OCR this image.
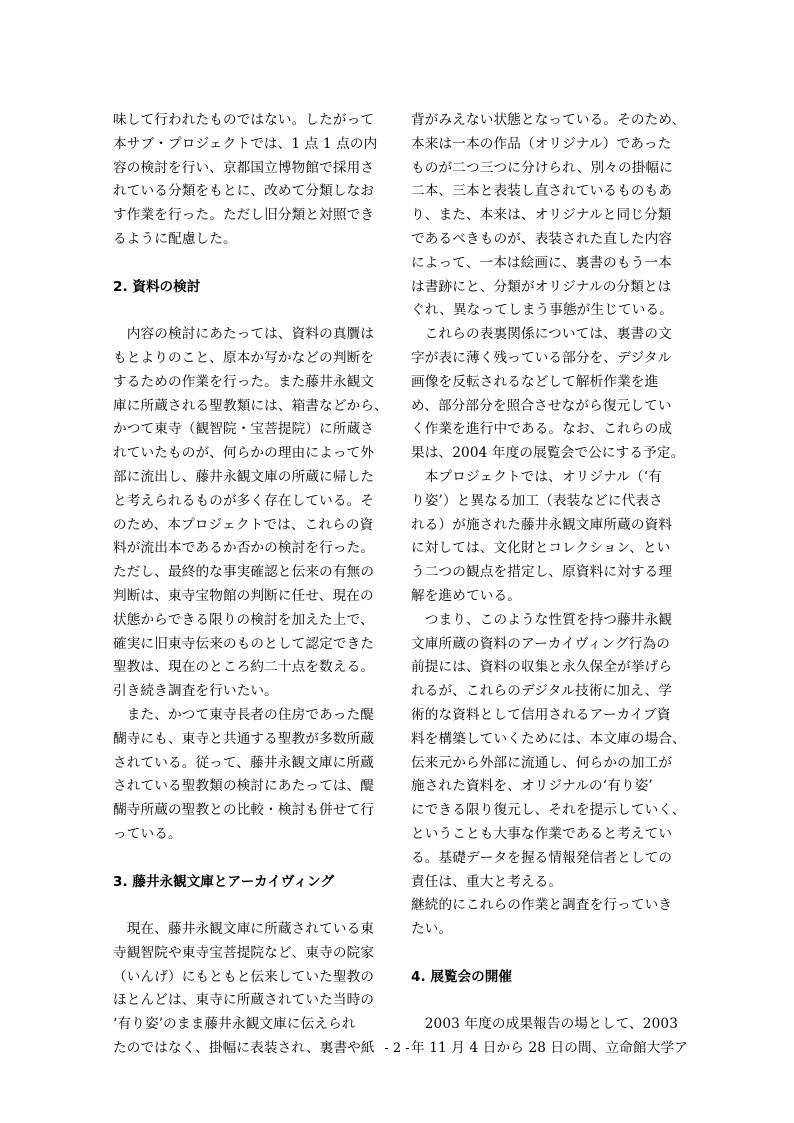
味して行われたものではない。したがって
本サブ・プロジェクトでは、1 点 1 点の内
容の検討を行い、京都国立博物館で採用さ
れている分類をもとに、改めて分類しなお
す作業を行った。ただし旧分類と対照でき
るように配慮した。
2. 資料の検討
　内容の検討にあたっては、資料の真贋は
もとよりのこと、原本か写かなどの判断を
するための作業を行った。また藤井永観文
庫に所蔵される聖教類には、箱書などから、
かつて東寺（観智院・宝菩提院）に所蔵さ
れていたものが、何らかの理由によって外
部に流出し、藤井永観文庫の所蔵に帰した
と考えられるものが多く存在している。そ
のため、本プロジェクトでは、これらの資
料が流出本であるか否かの検討を行った。
ただし、最終的な事実確認と伝来の有無の
判断は、東寺宝物館の判断に任せ、現在の
状態からできる限りの検討を加えた上で、
確実に旧東寺伝来のものとして認定できた
聖教は、現在のところ約二十点を数える。
引き続き調査を行いたい。
　また、かつて東寺長者の住房であった醍
醐寺にも、東寺と共通する聖教が多数所蔵
されている。従って、藤井永観文庫に所蔵
されている聖教類の検討にあたっては、醍
醐寺所蔵の聖教との比較・検討も併せて行
っている。
3. 藤井永観文庫とアーカイヴィング
　現在、藤井永観文庫に所蔵されている東
寺観智院や東寺宝菩提院など、東寺の院家
（いんげ）にもともと伝来していた聖教の
ほとんどは、東寺に所蔵されていた当時の
‘有り姿’のまま藤井永観文庫に伝えられ
たのではなく、掛幅に表装され、裏書や紙
背がみえない状態となっている。そのため、
本来は一本の作品（オリジナル）であった
ものが二つ三つに分けられ、別々の掛幅に
二本、三本と表装し直されているものもあ
り、また、本来は、オリジナルと同じ分類
であるべきものが、表装された直した内容
によって、一本は絵画に、裏書のもう一本
は書跡にと、分類がオリジナルの分類とは
ぐれ、異なってしまう事態が生じている。
　これらの表裏関係については、裏書の文
字が表に薄く残っている部分を、デジタル
画像を反転されるなどして解析作業を進
め、部分部分を照合させながら復元してい
く作業を進行中である。なお、これらの成
果は、2004 年度の展覧会で公にする予定。
　本プロジェクトでは、オリジナル（‘有
り姿’）と異なる加工（表装などに代表さ
れる）が施された藤井永観文庫所蔵の資料
に対しては、文化財とコレクション、とい
う二つの観点を措定し、原資料に対する理
解を進めている。
　つまり、このような性質を持つ藤井永観
文庫所蔵の資料のアーカイヴィング行為の
前提には、資料の収集と永久保全が挙げら
れるが、これらのデジタル技術に加え、学
術的な資料として信用されるアーカイブ資
料を構築していくためには、本文庫の場合、
伝来元から外部に流通し、何らかの加工が
施された資料を、オリジナルの‘有り姿’
にできる限り復元し、それを提示していく、
ということも大事な作業であると考えてい
る。基礎データを握る情報発信者としての
責任は、重大と考える。
継続的にこれらの作業と調査を行っていき
たい。
4. 展覧会の開催
　2003 年度の成果報告の場として、2003
年 11 月 4 日から 28 日の間、立命館大学ア
- 2 -
